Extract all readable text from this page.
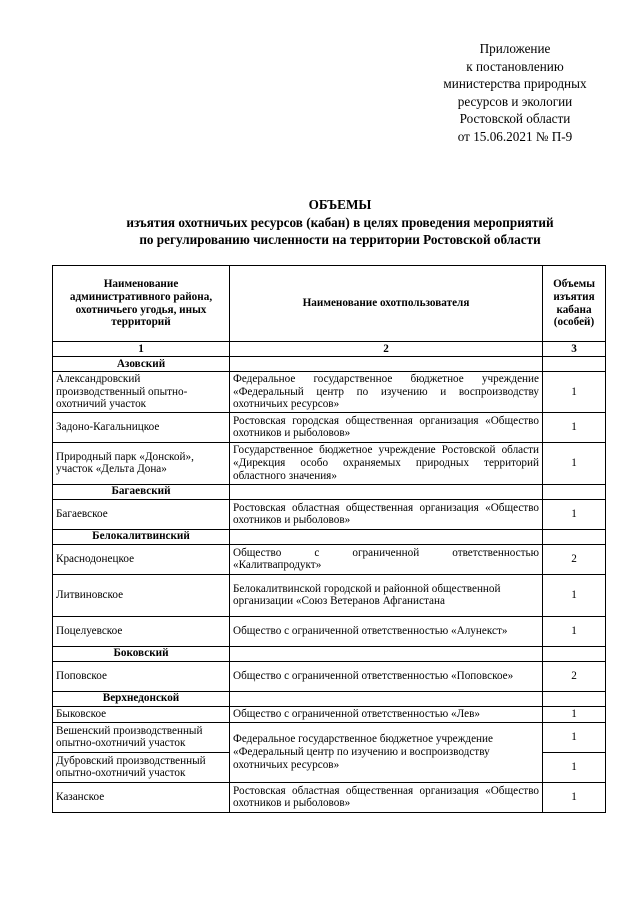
Приложение
к постановлению
министерства природных
ресурсов и экологии
Ростовской области
от 15.06.2021 № П-9
ОБЪЕМЫ
изъятия охотничьих ресурсов (кабан) в целях проведения мероприятий
по регулированию численности на территории Ростовской области
Наименование административного района, охотничьего угодья, иных территорий	Наименование охотпользователя	Объемы изъятия кабана (особей)
1	2	3
Азовский		
Александровский производственный опытно-охотничий участок	Федеральное государственное бюджетное учреждение «Федеральный центр по изучению и воспроизводству охотничьих ресурсов»	1
Задоно-Кагальницкое	Ростовская городская общественная организация «Общество охотников и рыболовов»	1
Природный парк «Донской», участок «Дельта Дона»	Государственное бюджетное учреждение Ростовской области «Дирекция особо охраняемых природных территорий областного значения»	1
Багаевский		
Багаевское	Ростовская областная общественная организация «Общество охотников и рыболовов»	1
Белокалитвинский		
Краснодонецкое	Общество с ограниченной ответственностью «Калитвапродукт»	2
Литвиновское	Белокалитвинской городской и районной общественной организации «Союз Ветеранов Афганистана	1
Поцелуевское	Общество с ограниченной ответственностью «Алунекст»	1
Боковский		
Поповское	Общество с ограниченной ответственностью «Поповское»	2
Верхнедонской		
Быковское	Общество с ограниченной ответственностью «Лев»	1
Вешенский производственный опытно-охотничий участок	Федеральное государственное бюджетное учреждение «Федеральный центр по изучению и воспроизводству охотничьих ресурсов»	1
Дубровский производственный опытно-охотничий участок		1
Казанское	Ростовская областная общественная организация «Общество охотников и рыболовов»	1
